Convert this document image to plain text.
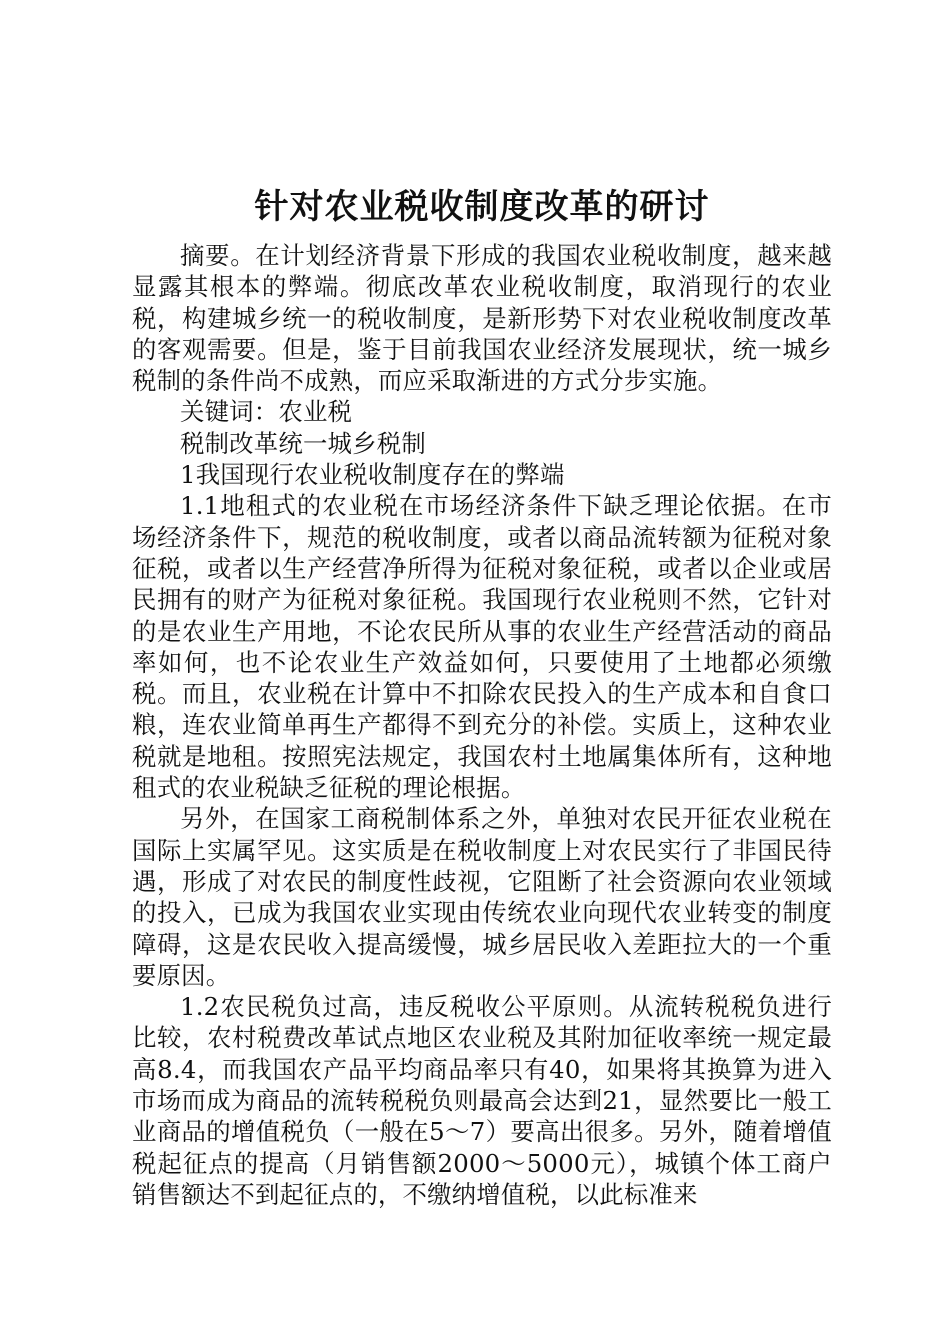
针对农业税收制度改革的研讨

摘要。在计划经济背景下形成的我国农业税收制度，越来越显露其根本的弊端。彻底改革农业税收制度，取消现行的农业税，构建城乡统一的税收制度，是新形势下对农业税收制度改革的客观需要。但是，鉴于目前我国农业经济发展现状，统一城乡税制的条件尚不成熟，而应采取渐进的方式分步实施。

关键词：农业税

税制改革统一城乡税制

1我国现行农业税收制度存在的弊端

1.1地租式的农业税在市场经济条件下缺乏理论依据。在市场经济条件下，规范的税收制度，或者以商品流转额为征税对象征税，或者以生产经营净所得为征税对象征税，或者以企业或居民拥有的财产为征税对象征税。我国现行农业税则不然，它针对的是农业生产用地，不论农民所从事的农业生产经营活动的商品率如何，也不论农业生产效益如何，只要使用了土地都必须缴税。而且，农业税在计算中不扣除农民投入的生产成本和自食口粮，连农业简单再生产都得不到充分的补偿。实质上，这种农业税就是地租。按照宪法规定，我国农村土地属集体所有，这种地租式的农业税缺乏征税的理论根据。

另外，在国家工商税制体系之外，单独对农民开征农业税在国际上实属罕见。这实质是在税收制度上对农民实行了非国民待遇，形成了对农民的制度性歧视，它阻断了社会资源向农业领域的投入，已成为我国农业实现由传统农业向现代农业转变的制度障碍，这是农民收入提高缓慢，城乡居民收入差距拉大的一个重要原因。

1.2农民税负过高，违反税收公平原则。从流转税税负进行比较，农村税费改革试点地区农业税及其附加征收率统一规定最高8.4，而我国农产品平均商品率只有40，如果将其换算为进入市场而成为商品的流转税税负则最高会达到21，显然要比一般工业商品的增值税负（一般在5～7）要高出很多。另外，随着增值税起征点的提高（月销售额2000～5000元），城镇个体工商户销售额达不到起征点的，不缴纳增值税，以此标准来
